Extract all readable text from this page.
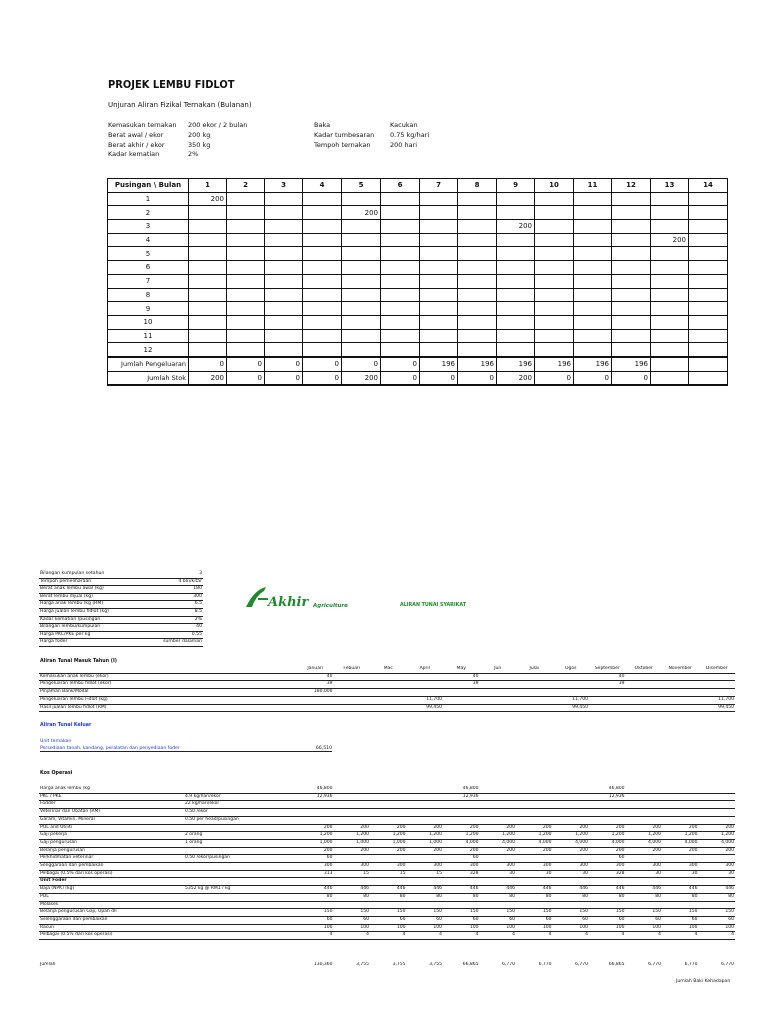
PROJEK LEMBU FIDLOT
Unjuran Aliran Fizikal Ternakan (Bulanan)
Kemasukan ternakan 200 ekor / 2 bulan
Berat awal / ekor	200 kg
Berat akhir / ekor	350 kg
Kadar kematian	2%
Baka	Kacukan
Kadar tumbesaran 0.75 kg/hari
Tempoh ternakan	200 hari
Pusingan \ Bulan	1	2	3	4	5	6	7	8	9	10	11	12	13	14
1	200													
2					200									
3									200					
4													200	
5														
6														
7														
8														
9														
10														
11														
12														
Jumlah Pengeluaran	0	0	0	0	0	0	196	196	196	196	196	196		
Jumlah Stok	200	0	0	0	200	0	0	0	200	0	0	0		
Bilangan kumpulan setahun	3
Tempoh pemeliharaan	4 bln/kitar
Berat anak lembu awal (kg)	180
Berat lembu dijual (kg)	300
Harga anak lembu /kg (RM)	6.5
Harga jualan lembu fidlot (kg)	8.5
Kadar kematian /pusingan	2%
Bilangan lembu/kumpulan	40
Harga PKC/PKE per kg	0.55
Harga foder	sumber dalaman
Akhir Agriculture	ALIRAN TUNAI SYARIKAT
Aliran Tunai Masuk Tahun (I)
	Januari	Febuari	Mac	April	May	Jun	Julai	Ogos	September	Oktober	November	Disember
Kemasukan anak lembu (ekor)	40				40				40			
Pengeluaran lembu fidlot (ekor)	39				39				39			
Pinjaman Bank/Modal	180,000											
Pengeluaran lembu Fidlot (kg)				11,700				11,700				11,700
Hasil jualan lembu fidlot (RM)				99,450				99,450				99,450
Aliran Tunai Keluar
Unit ternakan
Persediaan tanah, kandang, peralatan dan penyediaan foder	66,510
Kos Operasi
Harga anak lembu /kg		46,800				46,800				46,800			
PKC / PKE	4.9 kg/hari/ekor	12,936				12,936				12,936			
Fodder	22 kg/hari/ekor												
Veterinar dan Ubatan (RM)	0.50 /ekor												
Garam, Vitamin, Mineral	0.50 per head/pusingan												
POL and Utiliti		200	200	200	200	200	200	200	200	200	200	200	200
Gaji pekerja	2 orang	1,200	1,200	1,200	1,200	1,200	1,200	1,200	1,200	1,200	1,200	1,200	1,200
Gaji pengurusan	1 orang	1,000	1,000	1,000	1,000	4,000	4,000	4,000	4,000	4,000	4,000	4,000	4,000
Belanja pengurusan		200	200	200	200	200	200	200	200	200	200	200	200
Perkhidmatan veterinar	0.50 /ekor/pusingan	60				60				60			
Senggaraan dan pembaikan		300	300	300	300	300	300	300	300	300	300	300	300
Pelbagai (0.5% dari kos operasi)		313	15	15	15	328	30	30	30	328	30	30	30
Unit Foder													
Baja (NPK) (kg)	5352 kg @ RM1 / kg	446	446	446	446	446	446	446	446	446	446	446	446
POL		80	80	80	80	80	80	80	80	80	80	80	80
Molases													
Belanja pengurusan Gaji, Upah dll		150	150	150	150	150	150	150	150	150	150	150	150
Selenggaraan dan pembaikan		60	60	60	60	60	60	60	60	60	60	60	60
Racun		100	100	100	100	100	100	100	100	100	100	100	100
Pelbagai (0.5% dari kos operasi)		4	4	4	4	4	4	4	4	4	4	4	4
Jumlah	130,360	3,755	3,755	3,755	66,865	6,770	6,770	6,770	66,865	6,770	6,770	6,770
Jumlah Baki Kehadapan
